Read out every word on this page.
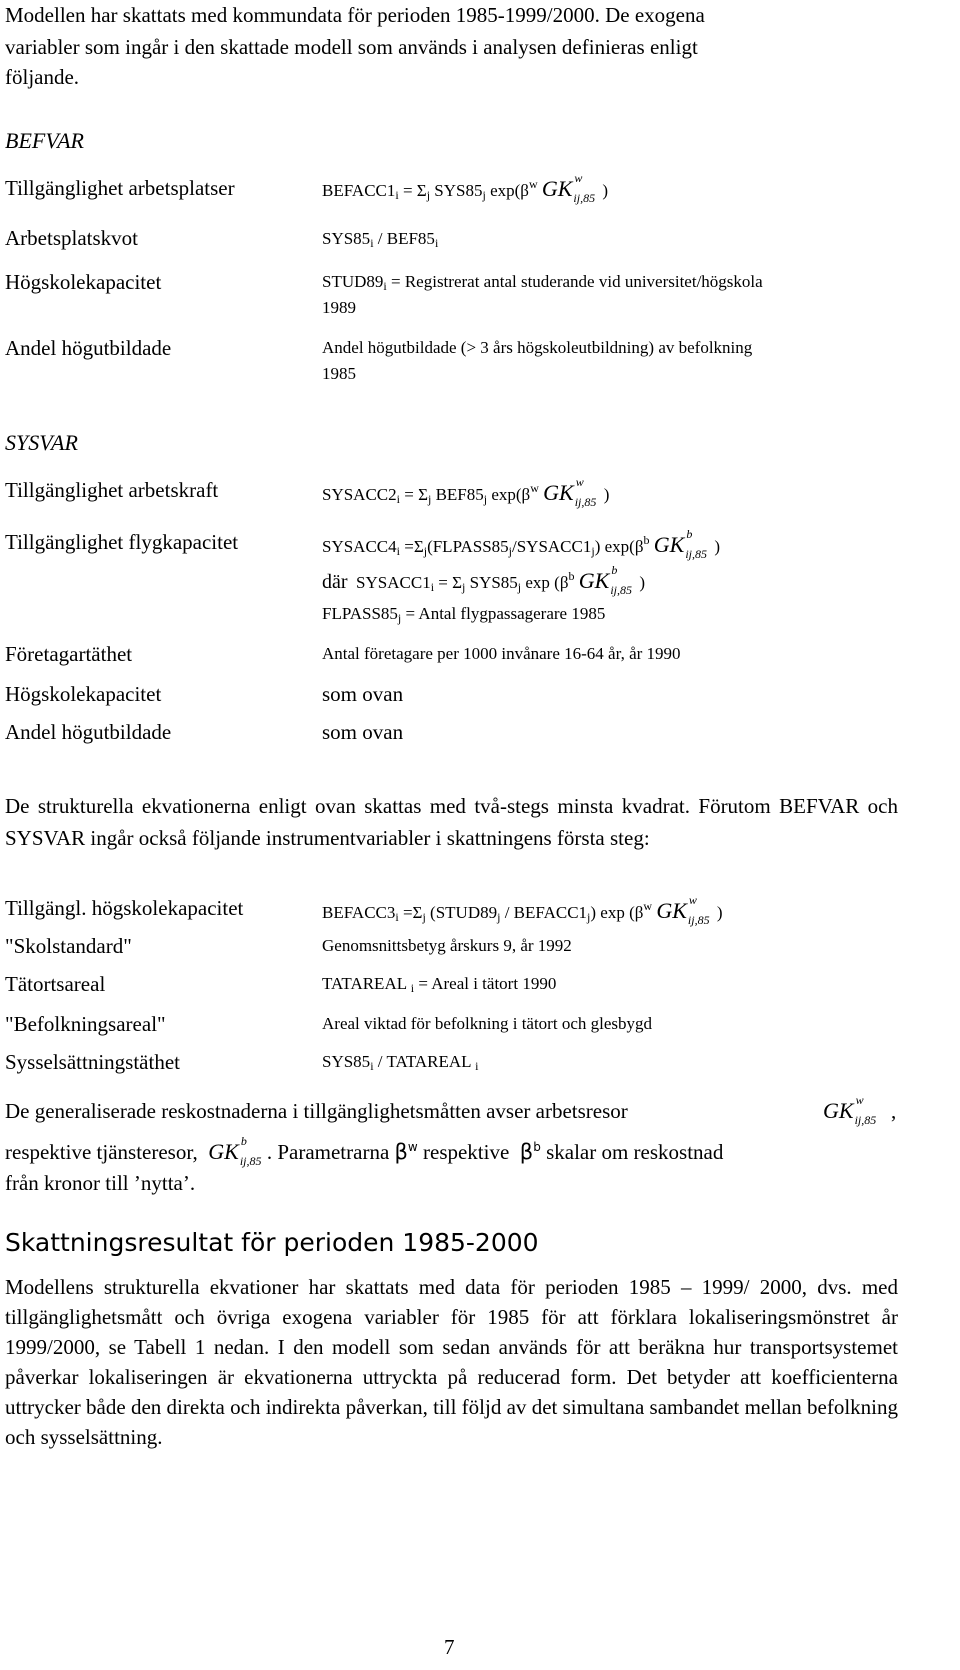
Modellen har skattats med kommundata för perioden 1985-1999/2000. De exogena
variabler som ingår i den skattade modell som används i analysen definieras enligt
följande.
BEFVAR
Tillgänglighet arbetsplatser	$BEFACC1_i = \Sigma_j$ $SYS85_j$ $\exp(\beta^w$ GK w
ij,85 )
Arbetsplatskvot	$SYS85_i / BEF85_i$
Högskolekapacitet	$STUD89_i$ = Registrerat antal studerande vid universitet/högskola
1989
Andel högutbildade	Andel högutbildade (> 3 års högskoleutbildning) av befolkning
1985
SYSVAR
Tillgänglighet arbetskraft	$SYSACC2_i = \Sigma_j$ $BEF85_j$ $\exp(\beta^w$ GK w
ij,85 )
Tillgänglighet flygkapacitet	$SYSACC4_i$ $=\Sigma_j(FLPASS85_j/SYSACC1_j)$ $\exp(\beta^b$ GK b
ij,85 )
där  $SYSACC1_i = \Sigma_j$ $SYS85_j$ $\exp (\beta^b$ GK b
ij,85 )
$FLPASS85_j$ = Antal flygpassagerare 1985
Företagartäthet	Antal företagare per 1000 invånare 16-64 år, år 1990
Högskolekapacitet	som ovan
Andel högutbildade	som ovan
De strukturella ekvationerna enligt ovan skattas med två-stegs minsta kvadrat. Förutom BEFVAR och SYSVAR ingår också följande instrumentvariabler i skattningens första steg:
Tillgängl. högskolekapacitet	$BEFACC3_i =\Sigma_j$ ($STUD89_j$ / $BEFACC1_j$) $\exp (\beta^w$ GK w
ij,85 )
"Skolstandard"	Genomsnittsbetyg årskurs 9, år 1992
Tätortsareal	TATAREAL $_i$ = Areal i tätort 1990
"Befolkningsareal"	Areal viktad för befolkning i tätort och glesbygd
Sysselsättningstäthet	$SYS85_i$ / TATAREAL $_i$
De generaliserade reskostnaderna i tillgänglighetsmåtten avser arbetsresor	GK w
ij,85 ,
respektive tjänsteresor, GK b
ij,85 . Parametrarna $\beta^w$ respektive $\beta^b$ skalar om reskostnad
från kronor till ’nytta’.
Skattningsresultat för perioden 1985-2000
Modellens strukturella ekvationer har skattats med data för perioden 1985 – 1999/ 2000, dvs. med tillgänglighetsmått och övriga exogena variabler för 1985 för att förklara lokaliseringsmönstret år 1999/2000, se Tabell 1 nedan. I den modell som sedan används för att beräkna hur transportsystemet påverkar lokaliseringen är ekvationerna uttryckta på reducerad form. Det betyder att koefficienterna uttrycker både den direkta och indirekta påverkan, till följd av det simultana sambandet mellan befolkning och sysselsättning.
7
